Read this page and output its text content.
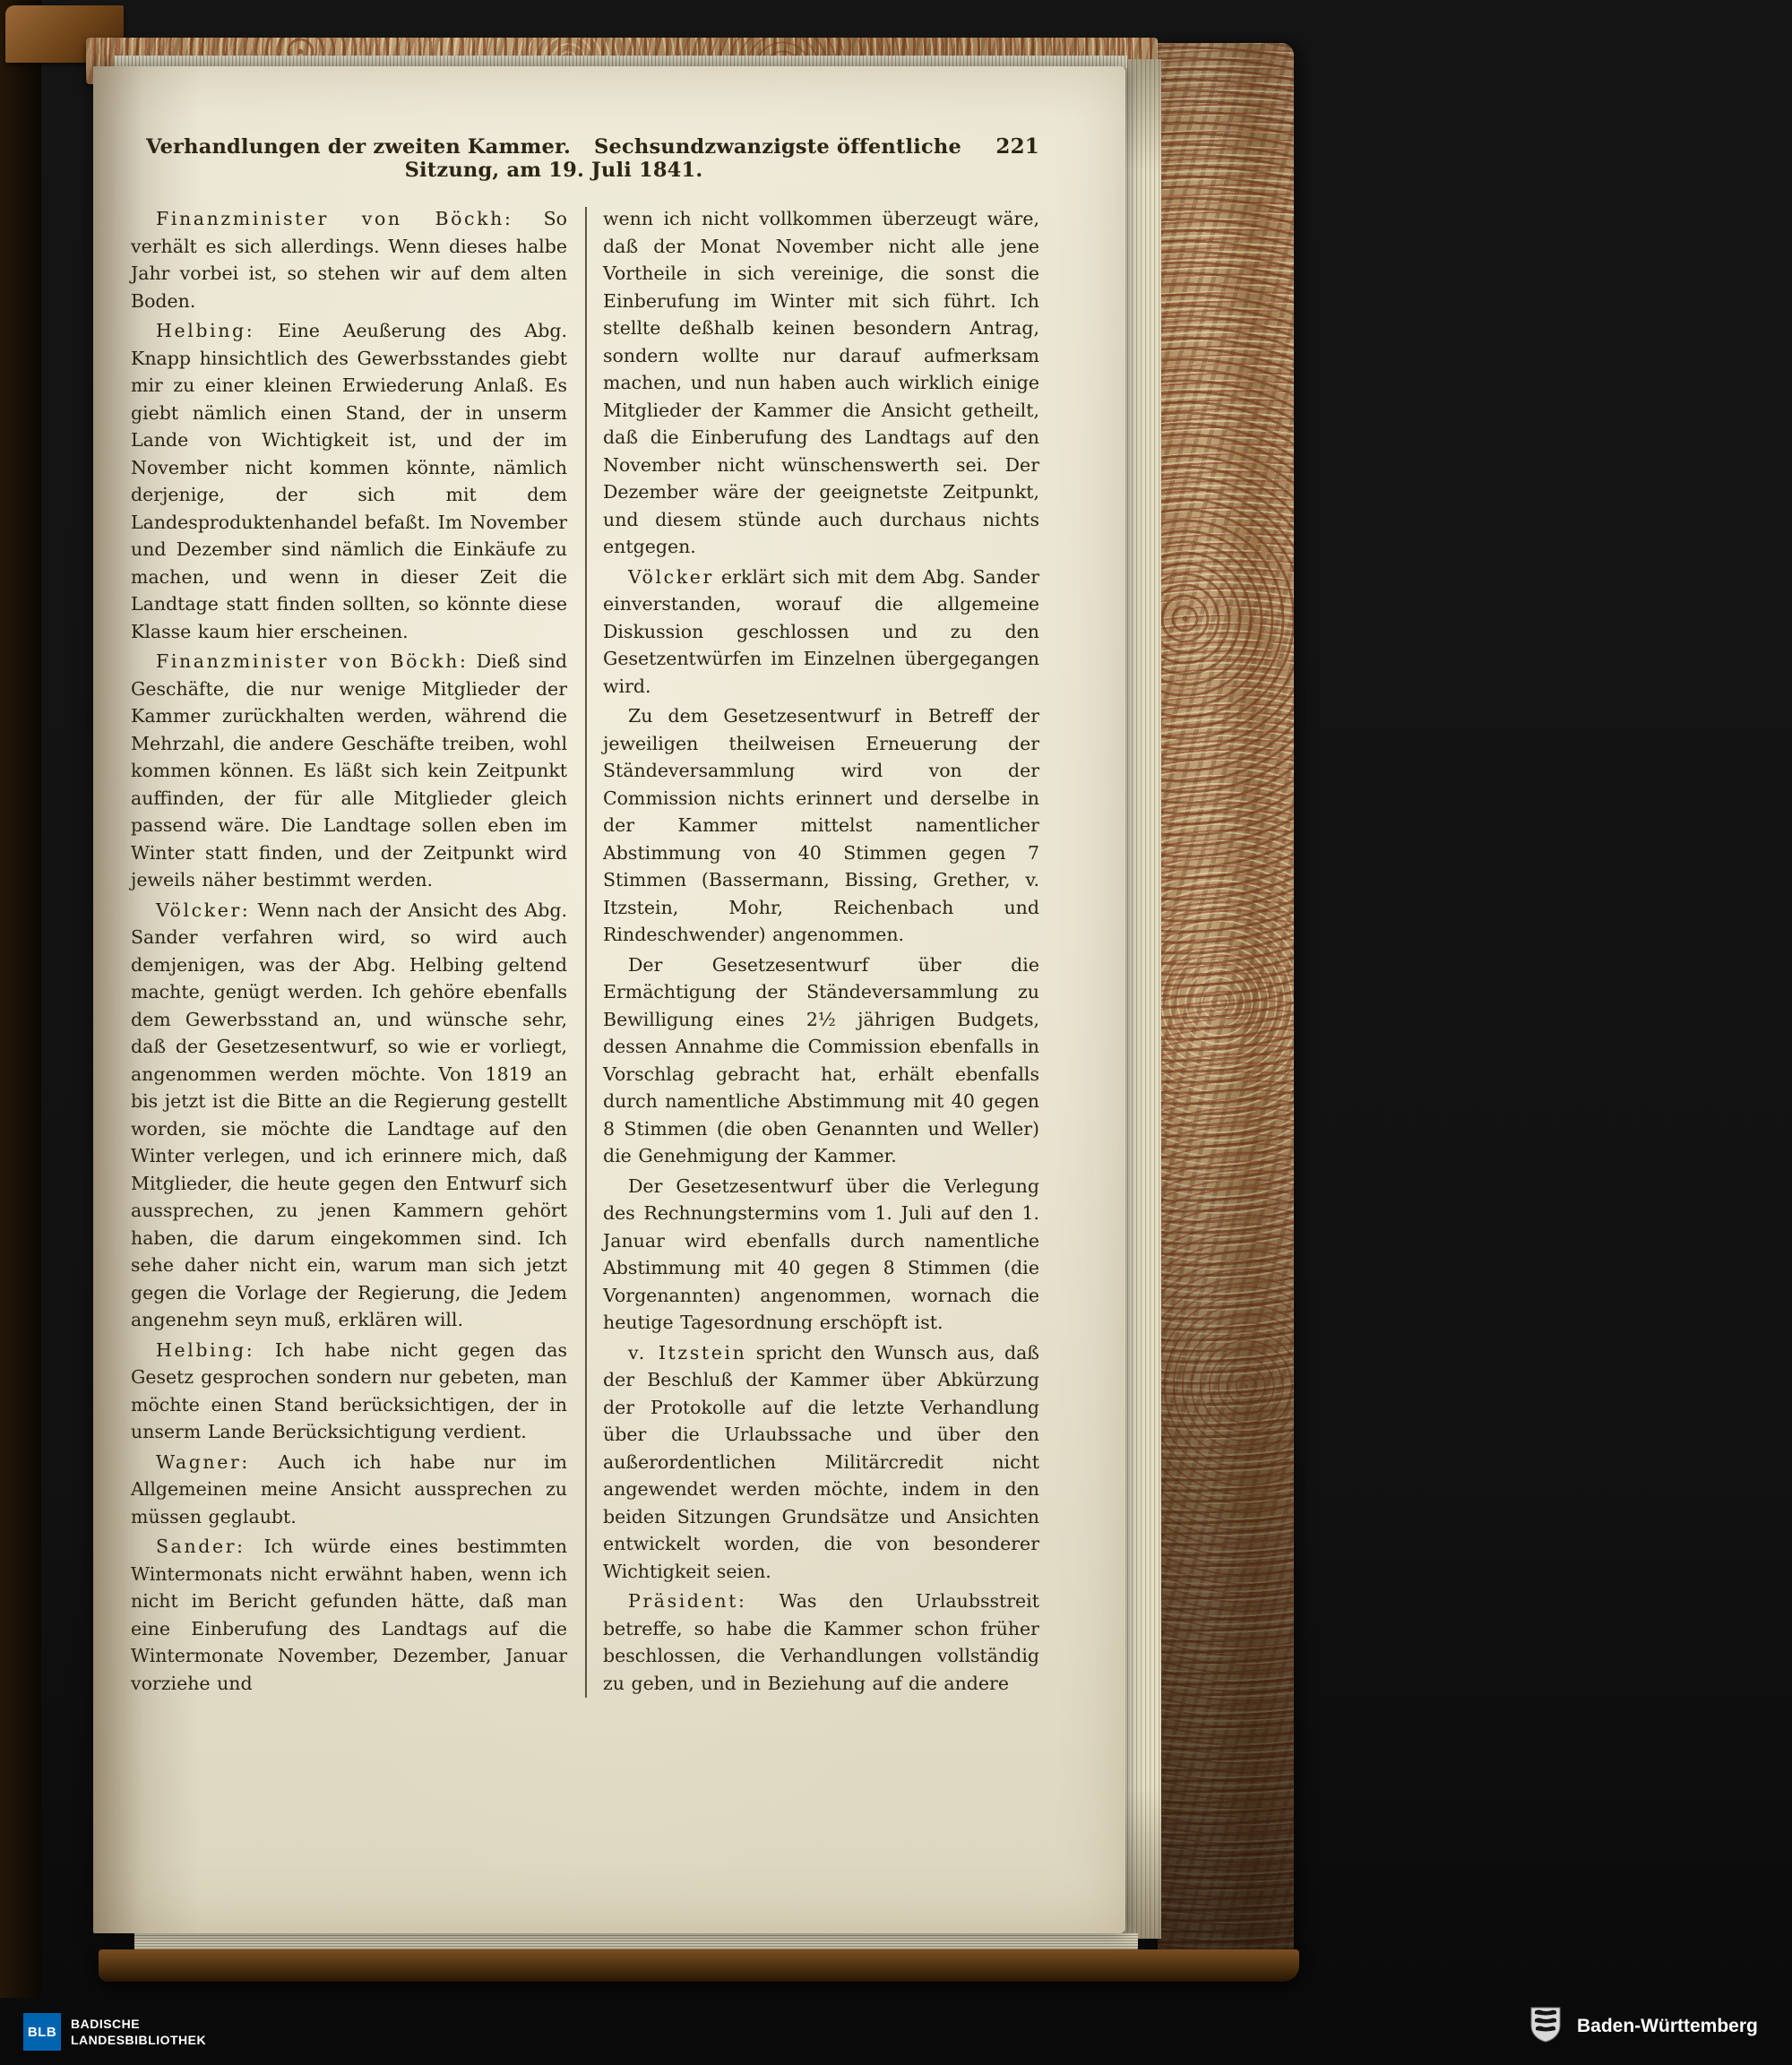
Verhandlungen der zweiten Kammer. Sechsundzwanzigste öffentliche Sitzung, am 19. Juli 1841.
221

Finanzminister von Böckh: So verhält es sich allerdings. Wenn dieses halbe Jahr vorbei ist, so stehen wir auf dem alten Boden.

Helbing: Eine Aeußerung des Abg. Knapp hinsichtlich des Gewerbsstandes giebt mir zu einer kleinen Erwiederung Anlaß. Es giebt nämlich einen Stand, der in unserm Lande von Wichtigkeit ist, und der im November nicht kommen könnte, nämlich derjenige, der sich mit dem Landesproduktenhandel befaßt. Im November und Dezember sind nämlich die Einkäufe zu machen, und wenn in dieser Zeit die Landtage statt finden sollten, so könnte diese Klasse kaum hier erscheinen.

Finanzminister von Böckh: Dieß sind Geschäfte, die nur wenige Mitglieder der Kammer zurückhalten werden, während die Mehrzahl, die andere Geschäfte treiben, wohl kommen können. Es läßt sich kein Zeitpunkt auffinden, der für alle Mitglieder gleich passend wäre. Die Landtage sollen eben im Winter statt finden, und der Zeitpunkt wird jeweils näher bestimmt werden.

Völcker: Wenn nach der Ansicht des Abg. Sander verfahren wird, so wird auch demjenigen, was der Abg. Helbing geltend machte, genügt werden. Ich gehöre ebenfalls dem Gewerbsstand an, und wünsche sehr, daß der Gesetzesentwurf, so wie er vorliegt, angenommen werden möchte. Von 1819 an bis jetzt ist die Bitte an die Regierung gestellt worden, sie möchte die Landtage auf den Winter verlegen, und ich erinnere mich, daß Mitglieder, die heute gegen den Entwurf sich aussprechen, zu jenen Kammern gehört haben, die darum eingekommen sind. Ich sehe daher nicht ein, warum man sich jetzt gegen die Vorlage der Regierung, die Jedem angenehm seyn muß, erklären will.

Helbing: Ich habe nicht gegen das Gesetz gesprochen sondern nur gebeten, man möchte einen Stand berücksichtigen, der in unserm Lande Berücksichtigung verdient.

Wagner: Auch ich habe nur im Allgemeinen meine Ansicht aussprechen zu müssen geglaubt.

Sander: Ich würde eines bestimmten Wintermonats nicht erwähnt haben, wenn ich nicht im Bericht gefunden hätte, daß man eine Einberufung des Landtags auf die Wintermonate November, Dezember, Januar vorziehe und

wenn ich nicht vollkommen überzeugt wäre, daß der Monat November nicht alle jene Vortheile in sich vereinige, die sonst die Einberufung im Winter mit sich führt. Ich stellte deßhalb keinen besondern Antrag, sondern wollte nur darauf aufmerksam machen, und nun haben auch wirklich einige Mitglieder der Kammer die Ansicht getheilt, daß die Einberufung des Landtags auf den November nicht wünschenswerth sei. Der Dezember wäre der geeignetste Zeitpunkt, und diesem stünde auch durchaus nichts entgegen.

Völcker erklärt sich mit dem Abg. Sander einverstanden, worauf die allgemeine Diskussion geschlossen und zu den Gesetzentwürfen im Einzelnen übergegangen wird.

Zu dem Gesetzesentwurf in Betreff der jeweiligen theilweisen Erneuerung der Ständeversammlung wird von der Commission nichts erinnert und derselbe in der Kammer mittelst namentlicher Abstimmung von 40 Stimmen gegen 7 Stimmen (Bassermann, Bissing, Grether, v. Itzstein, Mohr, Reichenbach und Rindeschwender) angenommen.

Der Gesetzesentwurf über die Ermächtigung der Ständeversammlung zu Bewilligung eines 2½ jährigen Budgets, dessen Annahme die Commission ebenfalls in Vorschlag gebracht hat, erhält ebenfalls durch namentliche Abstimmung mit 40 gegen 8 Stimmen (die oben Genannten und Weller) die Genehmigung der Kammer.

Der Gesetzesentwurf über die Verlegung des Rechnungstermins vom 1. Juli auf den 1. Januar wird ebenfalls durch namentliche Abstimmung mit 40 gegen 8 Stimmen (die Vorgenannten) angenommen, wornach die heutige Tagesordnung erschöpft ist.

v. Itzstein spricht den Wunsch aus, daß der Beschluß der Kammer über Abkürzung der Protokolle auf die letzte Verhandlung über die Urlaubssache und über den außerordentlichen Militärcredit nicht angewendet werden möchte, indem in den beiden Sitzungen Grundsätze und Ansichten entwickelt worden, die von besonderer Wichtigkeit seien.

Präsident: Was den Urlaubsstreit betreffe, so habe die Kammer schon früher beschlossen, die Verhandlungen vollständig zu geben, und in Beziehung auf die andere

BLB
BADISCHE
LANDESBIBLIOTHEK
Baden-Württemberg
